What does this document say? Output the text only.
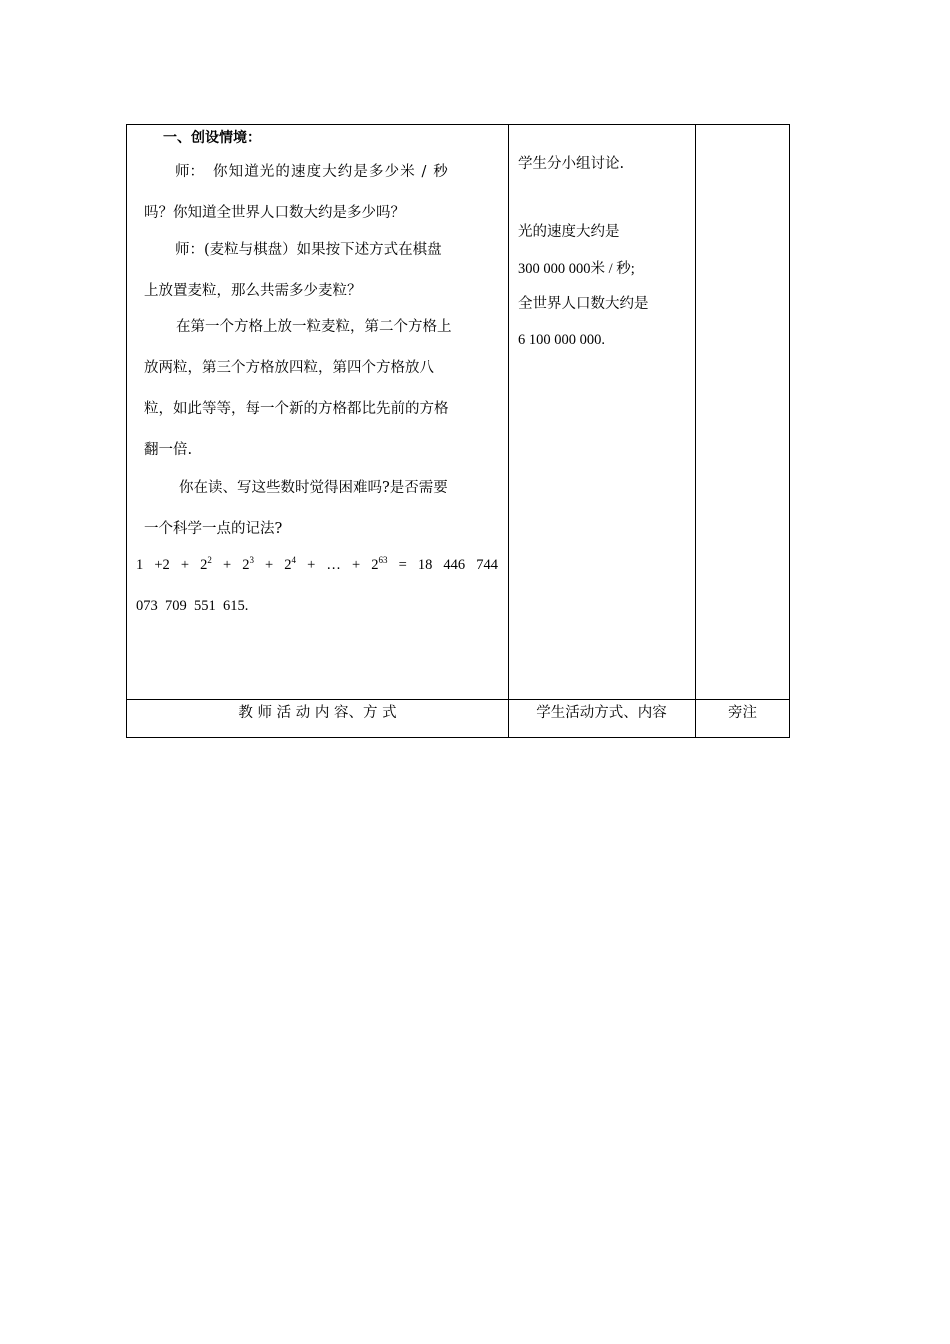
一、创设情境：
师： 你知道光的速度大约是多少米 / 秒
吗？你知道全世界人口数大约是多少吗？
师：(麦粒与棋盘）如果按下述方式在棋盘
上放置麦粒，那么共需多少麦粒？
在第一个方格上放一粒麦粒，第二个方格上
放两粒，第三个方格放四粒，第四个方格放八
粒，如此等等，每一个新的方格都比先前的方格
翻一倍.
你在读、写这些数时觉得困难吗?是否需要
一个科学一点的记法?
$1 +2 + 2^2 + 2^3 + 2^4$ + … + $2^{63} = 18$ 446 744
073  709  551  615.
学生分小组讨论.
光的速度大约是
300 000 000米 / 秒;
全世界人口数大约是
6 100 000 000.
教 师 活 动 内 容、方 式	学生活动方式、内容	旁注
